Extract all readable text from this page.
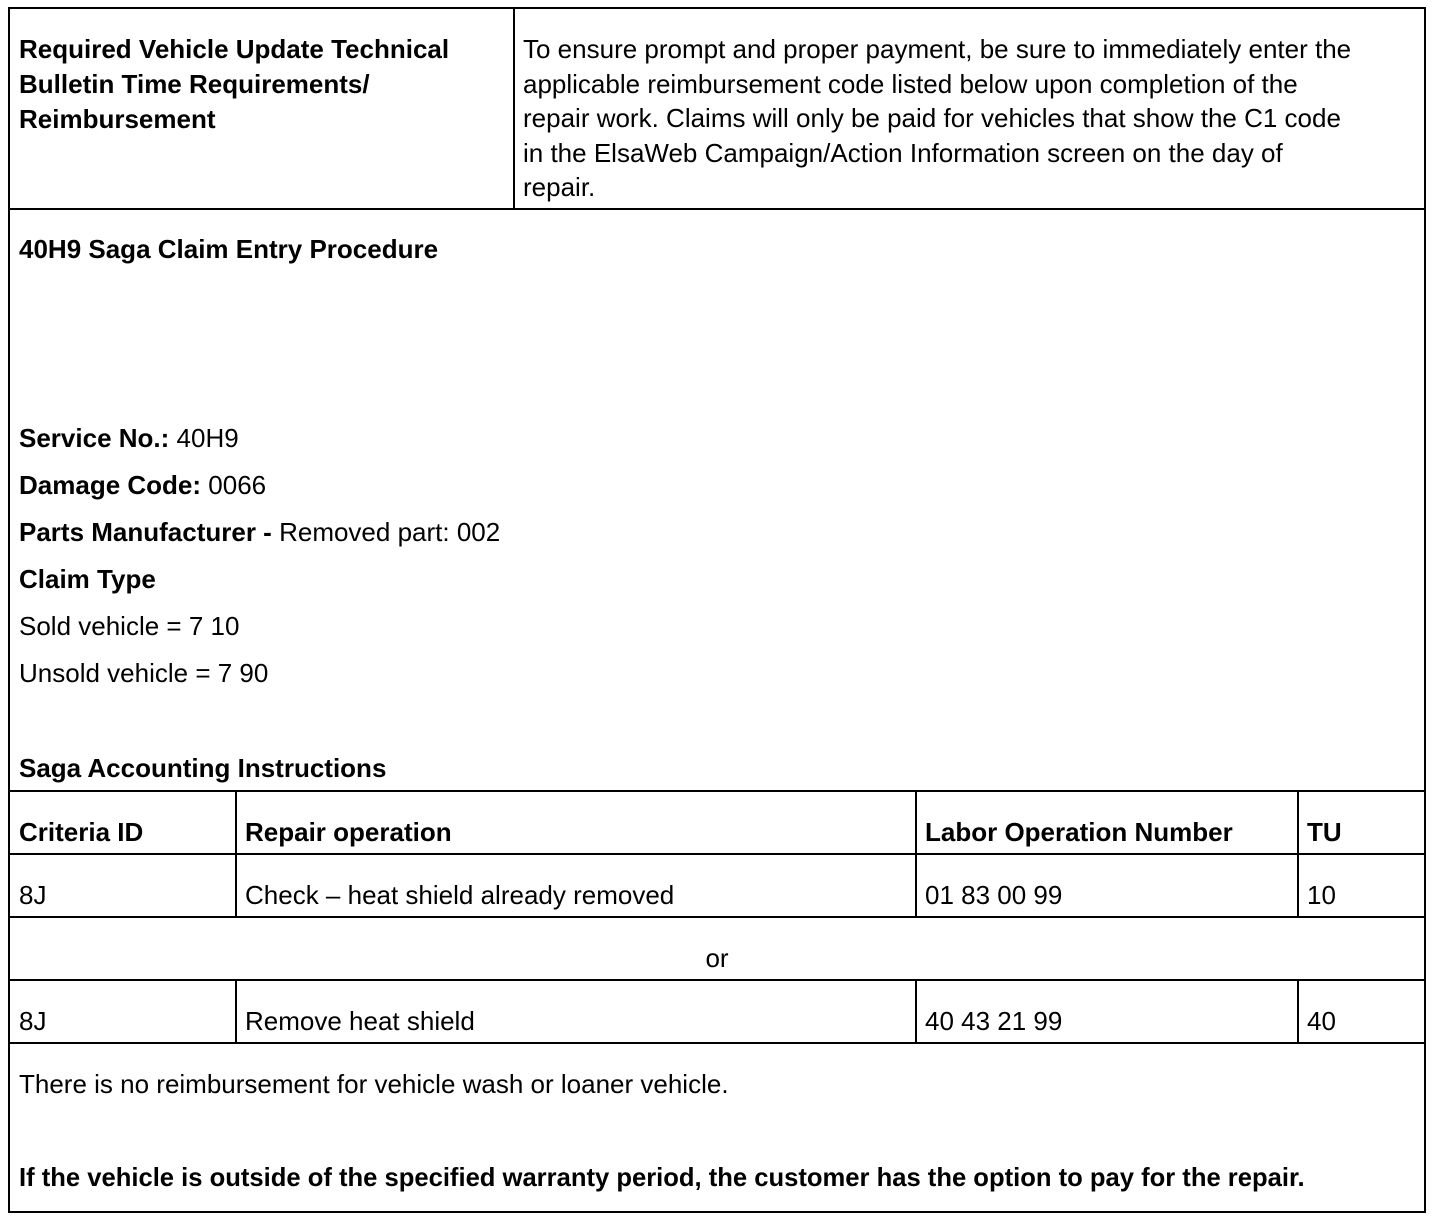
Required Vehicle Update Technical
Bulletin Time Requirements/
Reimbursement
To ensure prompt and proper payment, be sure to immediately enter the
applicable reimbursement code listed below upon completion of the
repair work. Claims will only be paid for vehicles that show the C1 code
in the ElsaWeb Campaign/Action Information screen on the day of
repair.
40H9 Saga Claim Entry Procedure
Service No.: 40H9
Damage Code: 0066
Parts Manufacturer - Removed part: 002
Claim Type
Sold vehicle = 7 10
Unsold vehicle = 7 90
Saga Accounting Instructions
Criteria ID	Repair operation	Labor Operation Number	TU
8J	Check – heat shield already removed	01 83 00 99	10
or
8J	Remove heat shield	40 43 21 99	40
There is no reimbursement for vehicle wash or loaner vehicle.
If the vehicle is outside of the specified warranty period, the customer has the option to pay for the repair.
